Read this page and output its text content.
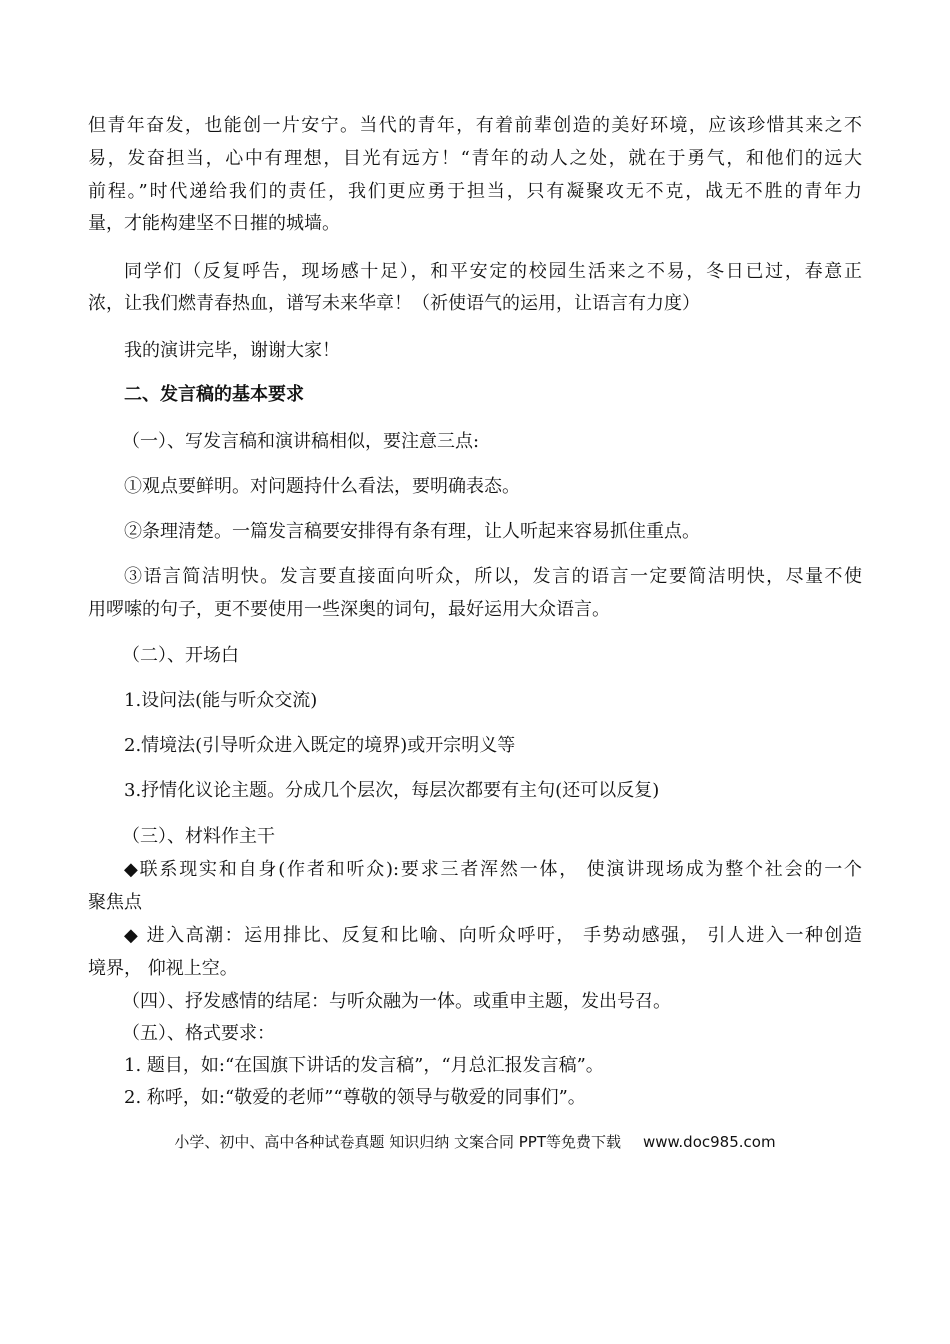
但青年奋发，也能创一片安宁。当代的青年，有着前辈创造的美好环境，应该珍惜其来之不
易，发奋担当，心中有理想，目光有远方！“青年的动人之处，就在于勇气，和他们的远大
前程。”时代递给我们的责任，我们更应勇于担当，只有凝聚攻无不克，战无不胜的青年力
量，才能构建坚不日摧的城墙。
同学们（反复呼告，现场感十足），和平安定的校园生活来之不易，冬日已过，春意正
浓，让我们燃青春热血，谱写未来华章！（祈使语气的运用，让语言有力度）
我的演讲完毕，谢谢大家！
二、发言稿的基本要求
（一）、写发言稿和演讲稿相似，要注意三点:
①观点要鲜明。对问题持什么看法，要明确表态。
②条理清楚。一篇发言稿要安排得有条有理，让人听起来容易抓住重点。
③语言简洁明快。发言要直接面向听众，所以，发言的语言一定要简洁明快，尽量不使
用啰嗦的句子，更不要使用一些深奥的词句，最好运用大众语言。
（二）、开场白
1.设问法(能与听众交流)
2.情境法(引导听众进入既定的境界)或开宗明义等
3.抒情化议论主题。分成几个层次，每层次都要有主句(还可以反复)
（三）、材料作主干
◆联系现实和自身(作者和听众):要求三者浑然一体， 使演讲现场成为整个社会的一个
聚焦点
◆ 进入高潮：运用排比、反复和比喻、向听众呼吁， 手势动感强， 引人进入一种创造
境界， 仰视上空。
（四）、抒发感情的结尾：与听众融为一体。或重申主题，发出号召。
（五）、格式要求：
1. 题目，如:“在国旗下讲话的发言稿”，“月总汇报发言稿”。
2. 称呼，如:“敬爱的老师”“尊敬的领导与敬爱的同事们”。
小学、初中、高中各种试卷真题 知识归纳 文案合同 PPT等免费下载 www.doc985.com
